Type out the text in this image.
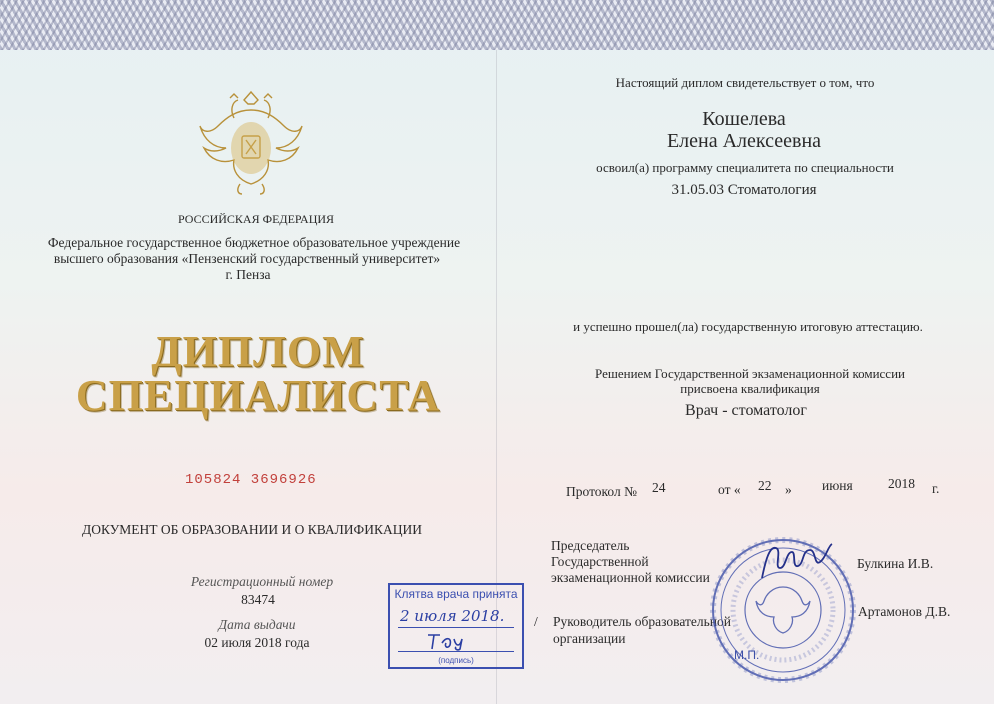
РОССИЙСКАЯ ФЕДЕРАЦИЯ
Федеральное государственное бюджетное образовательное учреждение
высшего образования «Пензенский государственный университет»
г. Пенза
ДИПЛОМ
СПЕЦИАЛИСТА
105824 3696926
ДОКУМЕНТ ОБ ОБРАЗОВАНИИ И О КВАЛИФИКАЦИИ
Регистрационный номер
83474
Дата выдачи
02 июля 2018 года
Клятва врача принята
2 июля 2018.
(подпись)
Настоящий диплом свидетельствует о том, что
Кошелева
Елена Алексеевна
освоил(а) программу специалитета по специальности
31.05.03 Стоматология
и успешно прошел(ла) государственную итоговую аттестацию.
Решением Государственной экзаменационной комиссии
присвоена квалификация
Врач - стоматолог
Протокол № 24	от « 22 » июня	2018 г.
Председатель
Государственной
экзаменационной комиссии
Булкина И.В.
/ Руководитель образовательной
организации
Артамонов Д.В.
М.П.
